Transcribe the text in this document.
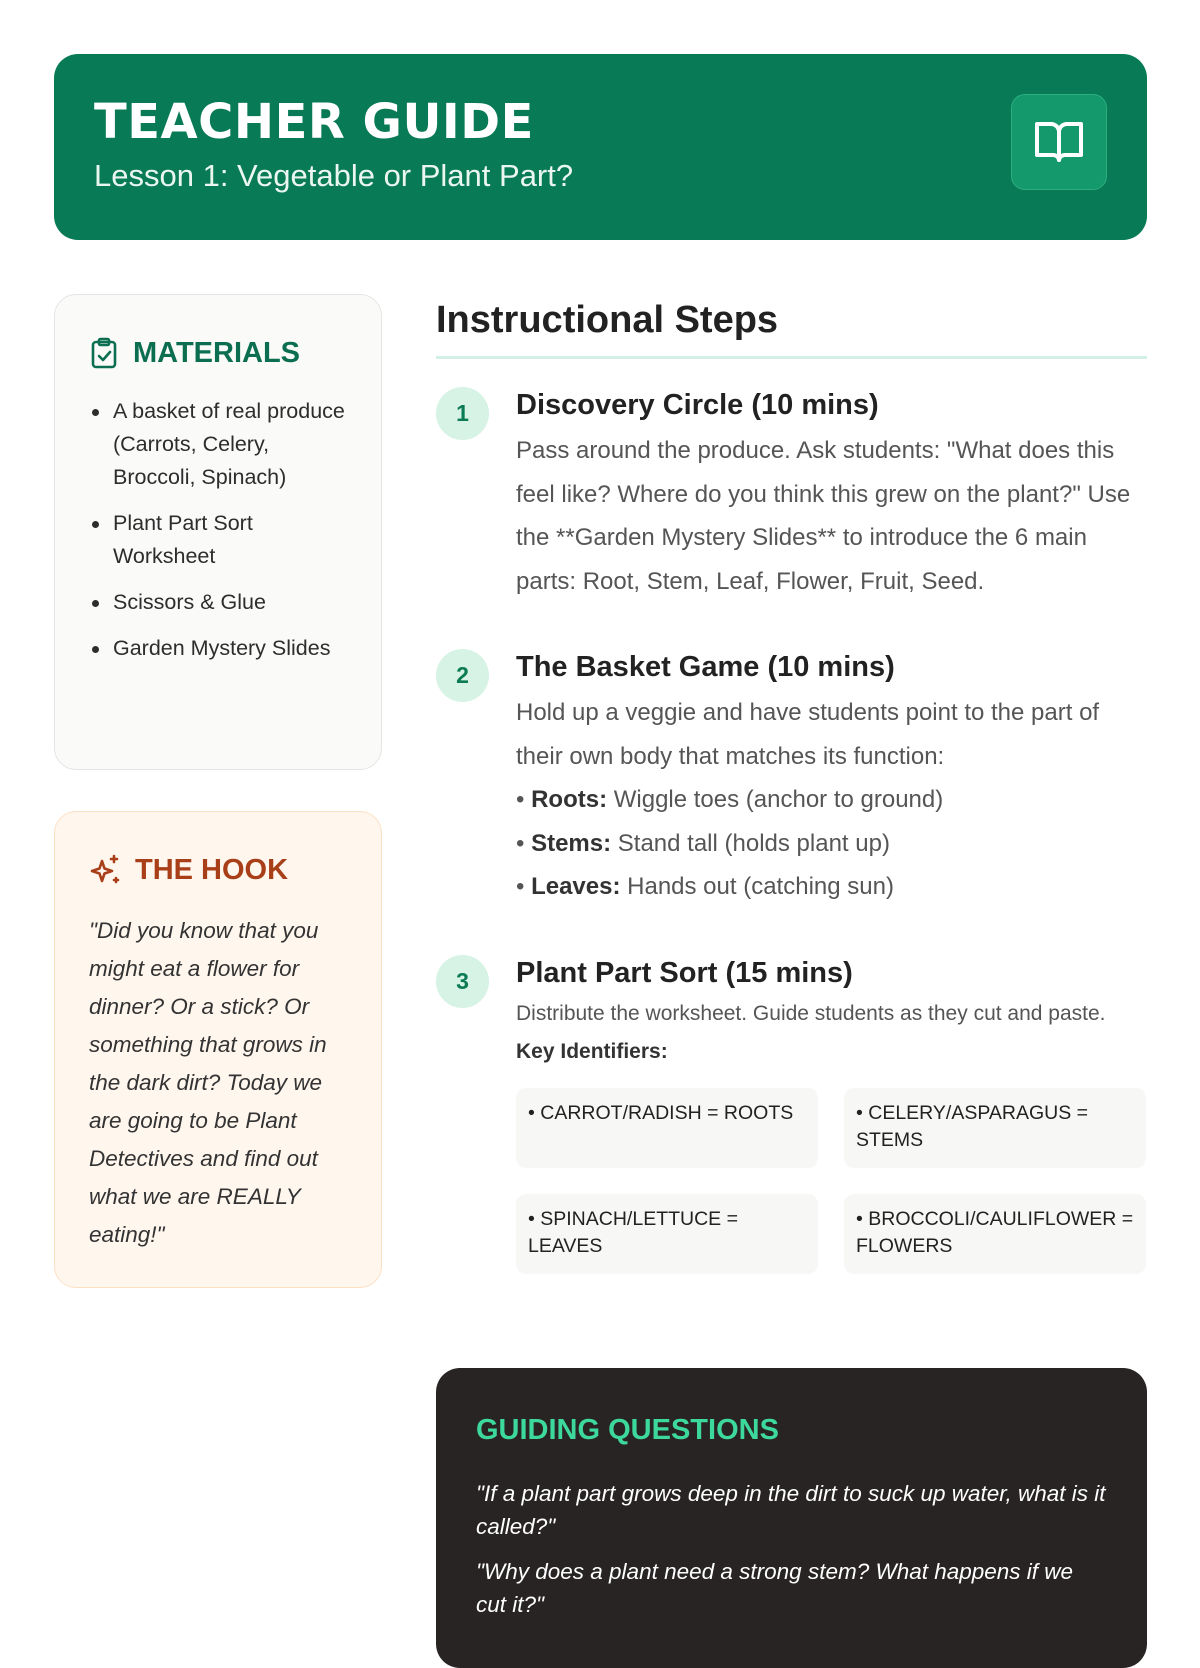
TEACHER GUIDE
Lesson 1: Vegetable or Plant Part?
MATERIALS
A basket of real produce (Carrots, Celery, Broccoli, Spinach)
Plant Part Sort Worksheet
Scissors & Glue
Garden Mystery Slides
THE HOOK

"Did you know that you might eat a flower for dinner? Or a stick? Or something that grows in the dark dirt? Today we are going to be Plant Detectives and find out what we are REALLY eating!"

Instructional Steps
1	Discovery Circle (10 mins)

Pass around the produce. Ask students: "What does this feel like? Where do you think this grew on the plant?" Use the **Garden Mystery Slides** to introduce the 6 main parts: Root, Stem, Leaf, Flower, Fruit, Seed.

2	The Basket Game (10 mins)

Hold up a veggie and have students point to the part of their own body that matches its function:

• Roots: Wiggle toes (anchor to ground)
• Stems: Stand tall (holds plant up)
• Leaves: Hands out (catching sun)
3	Plant Part Sort (15 mins)

Distribute the worksheet. Guide students as they cut and paste. Key Identifiers:

• CARROT/RADISH = ROOTS	• CELERY/ASPARAGUS = STEMS
• SPINACH/LETTUCE = LEAVES
• BROCCOLI/CAULIFLOWER = FLOWERS
GUIDING QUESTIONS

"If a plant part grows deep in the dirt to suck up water, what is it called?"

"Why does a plant need a strong stem? What happens if we cut it?"
